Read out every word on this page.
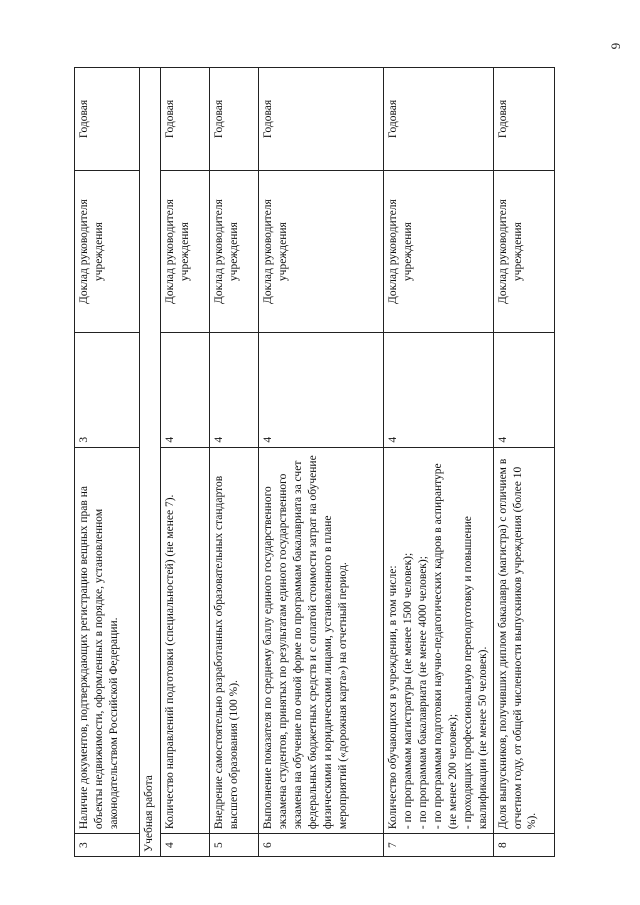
6
3	Наличие документов, подтверждающих регистрацию вещных прав на объекты недвижимости, оформленных в порядке, установленном законодательством Российской Федерации.	3	Доклад руководителя учреждения	Годовая
Учебная работа				
4	Количество направлений подготовки (специальностей) (не менее 7).	4	Доклад руководителя учреждения	Годовая
5	Внедрение самостоятельно разработанных образовательных стандартов высшего образования (100 %).	4	Доклад руководителя учреждения	Годовая
6	Выполнение показателя по среднему баллу единого государственного экзамена студентов, принятых по результатам единого государственного экзамена на обучение по очной форме по программам бакалавриата за счет федеральных бюджетных средств и с оплатой стоимости затрат на обучение физическими и юридическими лицами, установленного в плане мероприятий («дорожная карта») на отчетный период.	4	Доклад руководителя учреждения	Годовая
7	Количество обучающихся в учреждении, в том числе: - по программам магистратуры (не менее 1500 человек); - по программам бакалавриата (не менее 4000 человек); - по программам подготовки научно-педагогических кадров в аспирантуре (не менее 200 человек); - проходящих профессиональную переподготовку и повышение квалификации (не менее 50 человек).	4	Доклад руководителя учреждения	Годовая
8	Доля выпускников, получивших диплом бакалавра (магистра) с отличием в отчетном году, от общей численности выпускников учреждения (более 10 %).	4	Доклад руководителя учреждения	Годовая
